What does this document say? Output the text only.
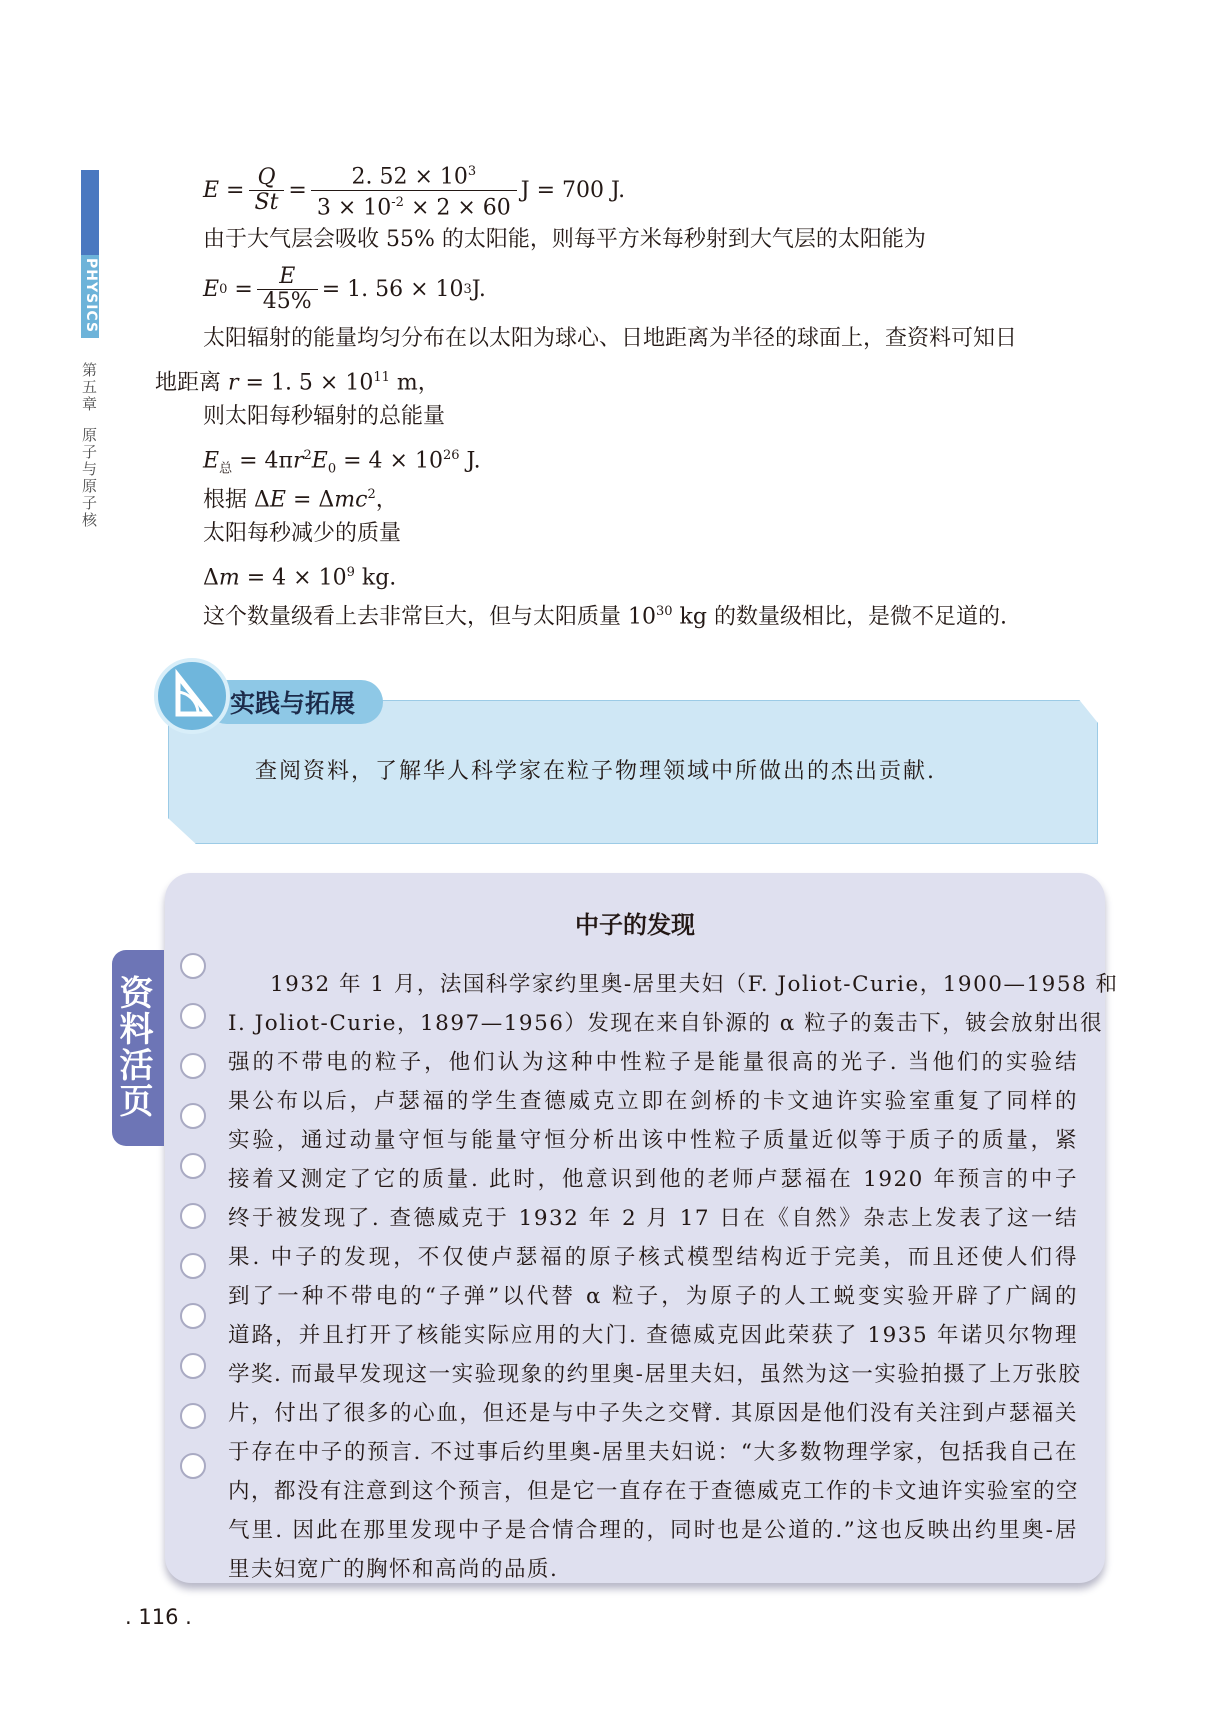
PHYSICS
第五章原子与原子核
$E = \frac{Q}{St} = \frac{2. 52 \times 10^3}{3 \times 10^{-2} \times 2 \times 60}$ J = 700 J.
由于大气层会吸收 55% 的太阳能，则每平方米每秒射到大气层的太阳能为
E $0 = \frac{E}{45\%} = 1$. 56 × 10 3 J.
太阳辐射的能量均匀分布在以太阳为球心、日地距离为半径的球面上，查资料可知日
地距离 r = 1. $5 \times 10^{11}$ m，
则太阳每秒辐射的总能量
$E_总 = 4\pi r^2E_0 = 4 \times 10^{26}$ J.
根据 ΔE = Δmc$^2$，
太阳每秒减少的质量
$\Delta m = 4 \times 10^9$ kg.
这个数量级看上去非常巨大，但与太阳质量 $10^{30}$ kg 的数量级相比，是微不足道的.
实践与拓展
查阅资料，了解华人科学家在粒子物理领域中所做出的杰出贡献.
资料活页
中子的发现
1932 年 1 月，法国科学家约里奥-居里夫妇（F. Joliot-Curie，1900—1958 和
I. Joliot-Curie，1897—1956）发现在来自钋源的 α 粒子的轰击下，铍会放射出很
强的不带电的粒子，他们认为这种中性粒子是能量很高的光子. 当他们的实验结
果公布以后，卢瑟福的学生查德威克立即在剑桥的卡文迪许实验室重复了同样的
实验，通过动量守恒与能量守恒分析出该中性粒子质量近似等于质子的质量，紧
接着又测定了它的质量. 此时，他意识到他的老师卢瑟福在 1920 年预言的中子
终于被发现了. 查德威克于 1932 年 2 月 17 日在《自然》杂志上发表了这一结
果. 中子的发现，不仅使卢瑟福的原子核式模型结构近于完美，而且还使人们得
到了一种不带电的“子弹”以代替 α 粒子，为原子的人工蜕变实验开辟了广阔的
道路，并且打开了核能实际应用的大门. 查德威克因此荣获了 1935 年诺贝尔物理
学奖. 而最早发现这一实验现象的约里奥-居里夫妇，虽然为这一实验拍摄了上万张胶
片，付出了很多的心血，但还是与中子失之交臂. 其原因是他们没有关注到卢瑟福关
于存在中子的预言. 不过事后约里奥-居里夫妇说：“大多数物理学家，包括我自己在
内，都没有注意到这个预言，但是它一直存在于查德威克工作的卡文迪许实验室的空
气里. 因此在那里发现中子是合情合理的，同时也是公道的.”这也反映出约里奥-居
里夫妇宽广的胸怀和高尚的品质.
. 116 .
